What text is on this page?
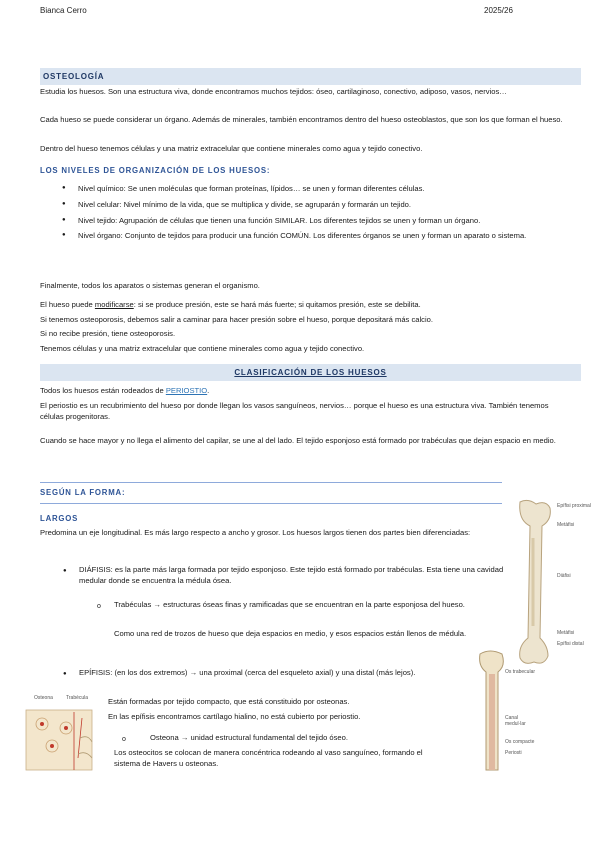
Bianca Cerro	2025/26
OSTEOLOGÍA

Estudia los huesos. Son una estructura viva, donde encontramos muchos tejidos: óseo, cartilaginoso, conectivo, adiposo, vasos, nervios…

Cada hueso se puede considerar un órgano. Además de minerales, también encontramos dentro del hueso osteoblastos, que son los que forman el hueso.

Dentro del hueso tenemos células y una matriz extracelular que contiene minerales como agua y tejido conectivo.

LOS NIVELES DE ORGANIZACIÓN DE LOS HUESOS:
● Nivel químico: Se unen moléculas que forman proteínas, lípidos… se unen y forman diferentes células.
● Nivel celular: Nivel mínimo de la vida, que se multiplica y divide, se agruparán y formarán un tejido.
● Nivel tejido: Agrupación de células que tienen una función SIMILAR. Los diferentes tejidos se unen y forman un órgano.
● Nivel órgano: Conjunto de tejidos para producir una función COMÚN. Los diferentes órganos se unen y forman un aparato o sistema.

Finalmente, todos los aparatos o sistemas generan el organismo.

El hueso puede modificarse: si se produce presión, este se hará más fuerte; si quitamos presión, este se debilita.

Si tenemos osteoporosis, debemos salir a caminar para hacer presión sobre el hueso, porque depositará más calcio.

Si no recibe presión, tiene osteoporosis.

Tenemos células y una matriz extracelular que contiene minerales como agua y tejido conectivo.

CLASIFICACIÓN DE LOS HUESOS

Todos los huesos están rodeados de PERIOSTIO.

El periostio es un recubrimiento del hueso por donde llegan los vasos sanguíneos, nervios… porque el hueso es una estructura viva. También tenemos células progenitoras.

Cuando se hace mayor y no llega el alimento del capilar, se une al del lado. El tejido esponjoso está formado por trabéculas que dejan espacio en medio.

SEGÚN LA FORMA:
LARGOS

Predomina un eje longitudinal. Es más largo respecto a ancho y grosor. Los huesos largos tienen dos partes bien diferenciadas:

● DIÁFISIS: es la parte más larga formada por tejido esponjoso. Este tejido está formado por trabéculas. Esta tiene una cavidad medular donde se encuentra la médula ósea.

o Trabéculas → estructuras óseas finas y ramificadas que se encuentran en la parte esponjosa del hueso.

Como una red de trozos de hueso que deja espacios en medio, y esos espacios están llenos de médula.

● EPÍFISIS: (en los dos extremos) → una proximal (cerca del esqueleto axial) y una distal (más lejos).

Están formadas por tejido compacto, que está constituido por osteonas.

En las epífisis encontramos cartílago hialino, no está cubierto por periostio.

o	Osteona → unidad estructural fundamental del tejido óseo.

Los osteocitos se colocan de manera concéntrica rodeando al vaso sanguíneo, formando el sistema de Havers u osteonas.

Epífisi proximal
Metàfisi
Diàfisi
Metàfisi
Epífisi distal
Os trabecular
Canal medul·lar
Os compacte
Periosti
Osteona	Trabècula
